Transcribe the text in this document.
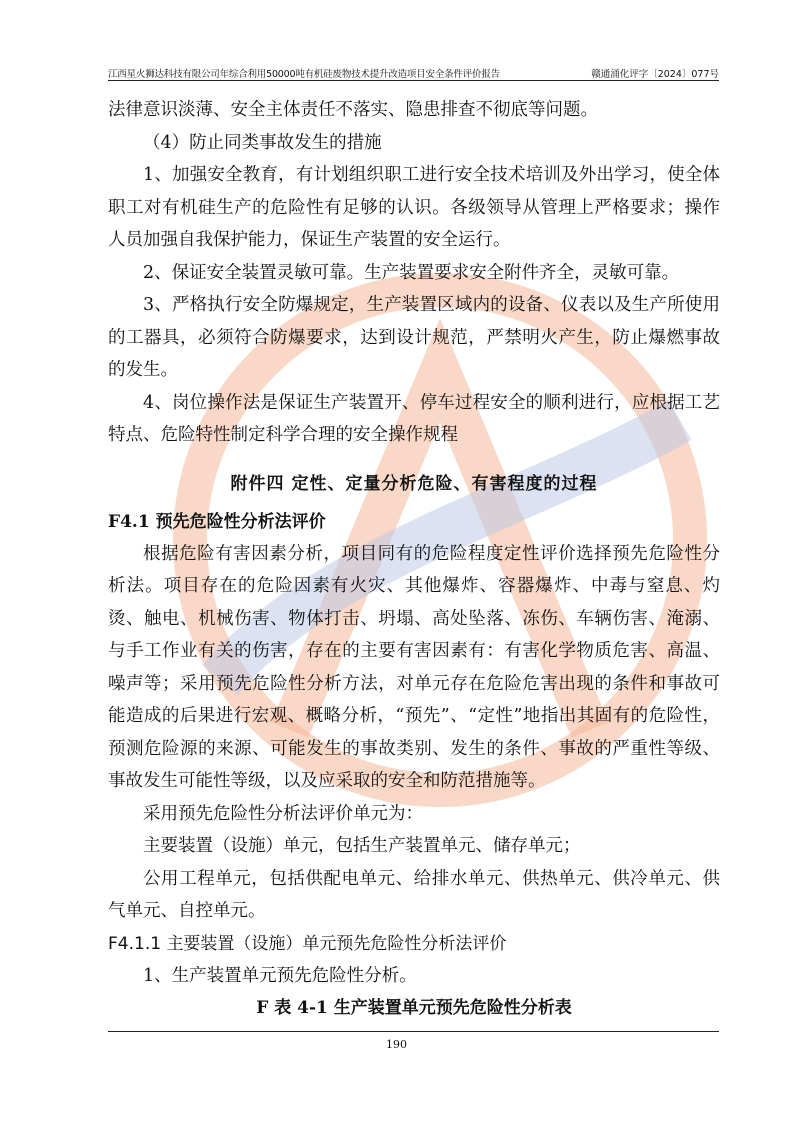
江西星火狮达科技有限公司年综合利用50000吨有机硅废物技术提升改造项目安全条件评价报告	赣通涌化评字〔2024〕077号

法律意识淡薄、安全主体责任不落实、隐患排查不彻底等问题。

（4）防止同类事故发生的措施

1、加强安全教育，有计划组织职工进行安全技术培训及外出学习，使全体职工对有机硅生产的危险性有足够的认识。各级领导从管理上严格要求；操作人员加强自我保护能力，保证生产装置的安全运行。

2、保证安全装置灵敏可靠。生产装置要求安全附件齐全，灵敏可靠。

3、严格执行安全防爆规定，生产装置区域内的设备、仪表以及生产所使用的工器具，必须符合防爆要求，达到设计规范，严禁明火产生，防止爆燃事故的发生。

4、岗位操作法是保证生产装置开、停车过程安全的顺利进行，应根据工艺特点、危险特性制定科学合理的安全操作规程

附件四 定性、定量分析危险、有害程度的过程

F4.1 预先危险性分析法评价

根据危险有害因素分析，项目同有的危险程度定性评价选择预先危险性分析法。项目存在的危险因素有火灾、其他爆炸、容器爆炸、中毒与窒息、灼烫、触电、机械伤害、物体打击、坍塌、高处坠落、冻伤、车辆伤害、淹溺、与手工作业有关的伤害，存在的主要有害因素有：有害化学物质危害、高温、噪声等；采用预先危险性分析方法，对单元存在危险危害出现的条件和事故可能造成的后果进行宏观、概略分析，“预先”、“定性”地指出其固有的危险性，预测危险源的来源、可能发生的事故类别、发生的条件、事故的严重性等级、事故发生可能性等级，以及应采取的安全和防范措施等。

采用预先危险性分析法评价单元为：

主要装置（设施）单元，包括生产装置单元、储存单元；

公用工程单元，包括供配电单元、给排水单元、供热单元、供冷单元、供气单元、自控单元。

F4.1.1 主要装置（设施）单元预先危险性分析法评价

1、生产装置单元预先危险性分析。

F 表 4-1 生产装置单元预先危险性分析表

190
